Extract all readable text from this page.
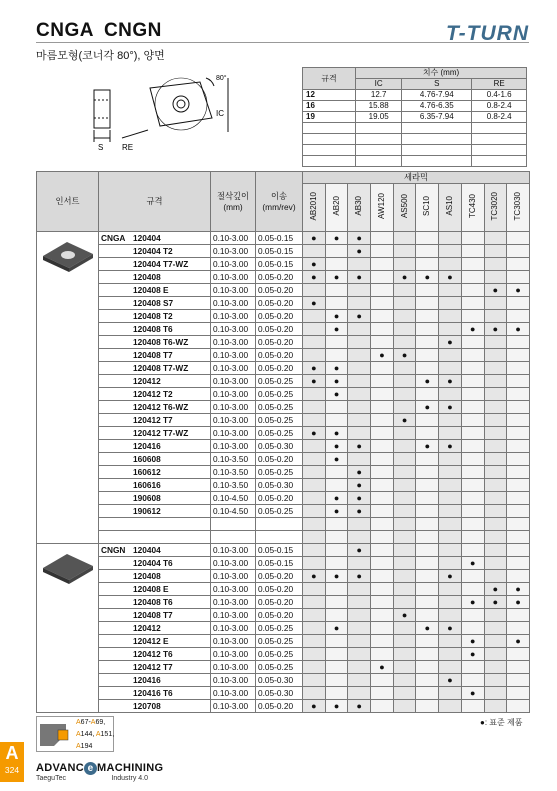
CNGA CNGN
마름모형(코너각 80°), 양면
T-TURN
S
80°
IC
RE
규격	치수 (mm)		
	IC	S	RE
12	12.7	4.76-7.94	0.4-1.6
16	15.88	4.76-6.35	0.8-2.4
19	19.05	6.35-7.94	0.8-2.4

인서트	규격	절삭깊이
(mm)	이송
(mm/rev)	세라믹									
				AB2010	AB20	AB30	AW120	AS500	SC10	AS10	TC430	TC3020	TC3030
	CNGA 120404	0.10-3.00	0.05-0.15	●	●	●							
	120404 T2	0.10-3.00	0.05-0.15			●							
	120404 T7-WZ	0.10-3.00	0.05-0.15	●									
	120408	0.10-3.00	0.05-0.20	●	●	●		●	●	●			
	120408 E	0.10-3.00	0.05-0.20									●	●
	120408 S7	0.10-3.00	0.05-0.20	●									
	120408 T2	0.10-3.00	0.05-0.20		●	●							
	120408 T6	0.10-3.00	0.05-0.20		●						●	●	●
	120408 T6-WZ	0.10-3.00	0.05-0.20							●			
	120408 T7	0.10-3.00	0.05-0.20				●	●					
	120408 T7-WZ	0.10-3.00	0.05-0.20	●	●								
	120412	0.10-3.00	0.05-0.25	●	●				●	●			
	120412 T2	0.10-3.00	0.05-0.25		●								
	120412 T6-WZ	0.10-3.00	0.05-0.25						●	●			
	120412 T7	0.10-3.00	0.05-0.25					●					
	120412 T7-WZ	0.10-3.00	0.05-0.25	●	●								
	120416	0.10-3.00	0.05-0.30		●	●			●	●			
	160608	0.10-3.50	0.05-0.20		●								
	160612	0.10-3.50	0.05-0.25			●							
	160616	0.10-3.50	0.05-0.30			●							
	190608	0.10-4.50	0.05-0.20		●	●							
	190612	0.10-4.50	0.05-0.25		●	●							

	CNGN 120404	0.10-3.00	0.05-0.15			●							
	120404 T6	0.10-3.00	0.05-0.15								●		
	120408	0.10-3.00	0.05-0.20	●	●	●				●			
	120408 E	0.10-3.00	0.05-0.20									●	●
	120408 T6	0.10-3.00	0.05-0.20								●	●	●
	120408 T7	0.10-3.00	0.05-0.20					●					
	120412	0.10-3.00	0.05-0.25		●				●	●			
	120412 E	0.10-3.00	0.05-0.25								●		●
	120412 T6	0.10-3.00	0.05-0.25								●		
	120412 T7	0.10-3.00	0.05-0.25				●						
	120416	0.10-3.00	0.05-0.30							●			
	120416 T6	0.10-3.00	0.05-0.30								●		
	120708	0.10-3.00	0.05-0.20	●	●	●							
●: 표준 제품
A67-A69,
A144, A151,
A194
A
324	ADVANC e MACHINING
TaeguTec	Industry 4.0
